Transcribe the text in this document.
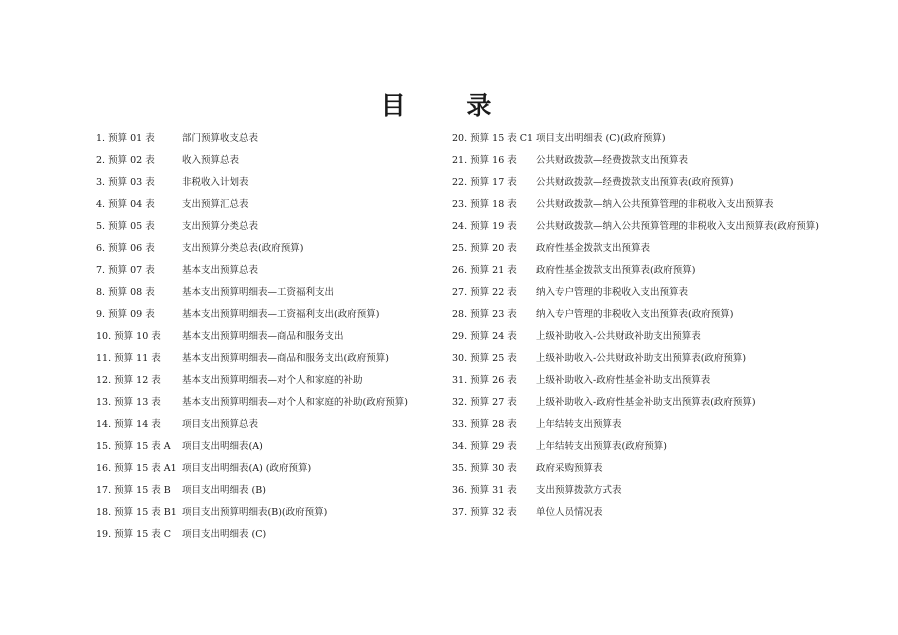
目 录
1. 预算 01 表	部门预算收支总表
2. 预算 02 表	收入预算总表
3. 预算 03 表	非税收入计划表
4. 预算 04 表	支出预算汇总表
5. 预算 05 表	支出预算分类总表
6. 预算 06 表	支出预算分类总表(政府预算)
7. 预算 07 表	基本支出预算总表
8. 预算 08 表	基本支出预算明细表—工资福利支出
9. 预算 09 表	基本支出预算明细表—工资福利支出(政府预算)
10. 预算 10 表	基本支出预算明细表—商品和服务支出
11. 预算 11 表	基本支出预算明细表—商品和服务支出(政府预算)
12. 预算 12 表	基本支出预算明细表—对个人和家庭的补助
13. 预算 13 表	基本支出预算明细表—对个人和家庭的补助(政府预算)
14. 预算 14 表	项目支出预算总表
15. 预算 15 表 A	项目支出明细表(A)
16. 预算 15 表 A1 项目支出明细表(A) (政府预算)
17. 预算 15 表 B	项目支出明细表 (B)
18. 预算 15 表 B1 项目支出预算明细表(B)(政府预算)
19. 预算 15 表 C	项目支出明细表 (C)
20. 预算 15 表 C1 项目支出明细表 (C)(政府预算)
21. 预算 16 表	公共财政拨款—经费拨款支出预算表
22. 预算 17 表	公共财政拨款—经费拨款支出预算表(政府预算)
23. 预算 18 表	公共财政拨款—纳入公共预算管理的非税收入支出预算表
24. 预算 19 表	公共财政拨款—纳入公共预算管理的非税收入支出预算表(政府预算)
25. 预算 20 表	政府性基金拨款支出预算表
26. 预算 21 表	政府性基金拨款支出预算表(政府预算)
27. 预算 22 表	纳入专户管理的非税收入支出预算表
28. 预算 23 表	纳入专户管理的非税收入支出预算表(政府预算)
29. 预算 24 表	上级补助收入-公共财政补助支出预算表
30. 预算 25 表	上级补助收入-公共财政补助支出预算表(政府预算)
31. 预算 26 表	上级补助收入-政府性基金补助支出预算表
32. 预算 27 表	上级补助收入-政府性基金补助支出预算表(政府预算)
33. 预算 28 表	上年结转支出预算表
34. 预算 29 表	上年结转支出预算表(政府预算)
35. 预算 30 表	政府采购预算表
36. 预算 31 表	支出预算拨款方式表
37. 预算 32 表	单位人员情况表
